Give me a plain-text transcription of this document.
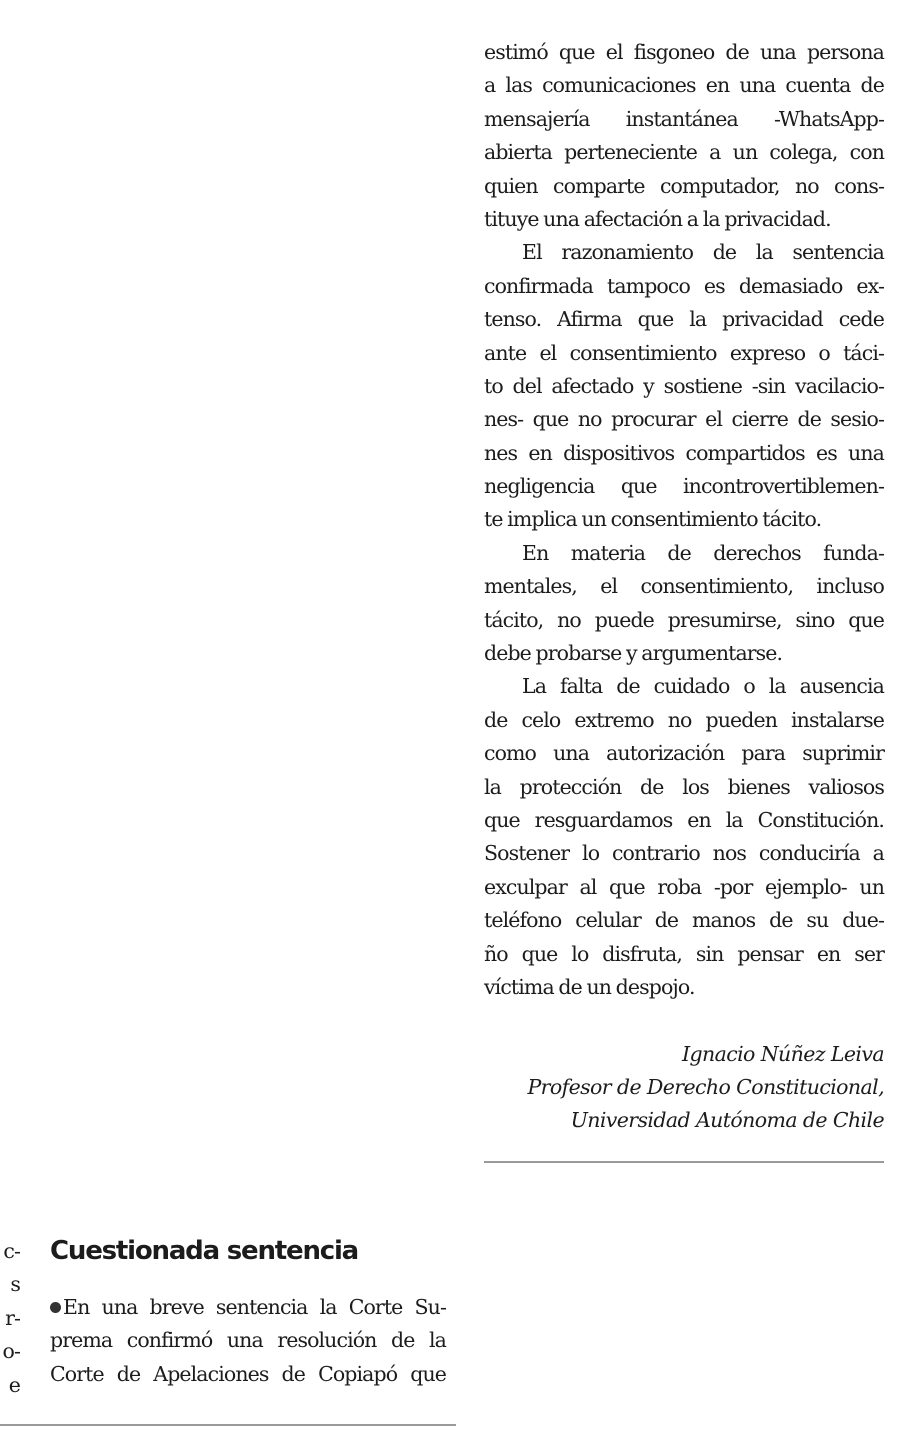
estimó que el fisgoneo de una persona
a las comunicaciones en una cuenta de
mensajería instantánea -WhatsApp-
abierta perteneciente a un colega, con
quien comparte computador, no cons-
tituye una afectación a la privacidad.
El razonamiento de la sentencia
confirmada tampoco es demasiado ex-
tenso. Afirma que la privacidad cede
ante el consentimiento expreso o táci-
to del afectado y sostiene -sin vacilacio-
nes- que no procurar el cierre de sesio-
nes en dispositivos compartidos es una
negligencia que incontrovertiblemen-
te implica un consentimiento tácito.
En materia de derechos funda-
mentales, el consentimiento, incluso
tácito, no puede presumirse, sino que
debe probarse y argumentarse.
La falta de cuidado o la ausencia
de celo extremo no pueden instalarse
como una autorización para suprimir
la protección de los bienes valiosos
que resguardamos en la Constitución.
Sostener lo contrario nos conduciría a
exculpar al que roba -por ejemplo- un
teléfono celular de manos de su due-
ño que lo disfruta, sin pensar en ser
víctima de un despojo.
Ignacio Núñez Leiva
Profesor de Derecho Constitucional,
Universidad Autónoma de Chile
c-
s
r-
o-
e
Cuestionada sentencia
En una breve sentencia la Corte Su-
prema confirmó una resolución de la
Corte de Apelaciones de Copiapó que
